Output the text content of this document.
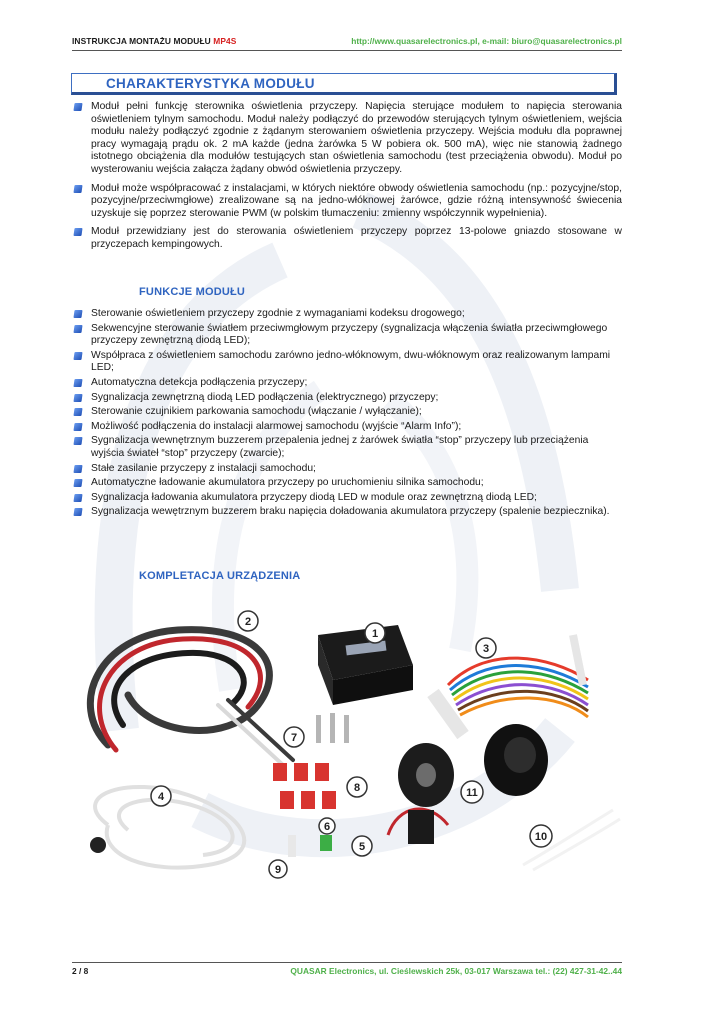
INSTRUKCJA MONTAŻU MODUŁU MP4S	http://www.quasarelectronics.pl, e-mail: biuro@quasarelectronics.pl
CHARAKTERYSTYKA MODUŁU
Moduł pełni funkcję sterownika oświetlenia przyczepy. Napięcia sterujące modułem to napięcia sterowania oświetleniem tylnym samochodu. Moduł należy podłączyć do przewodów sterujących tylnym oświetleniem, wejścia modułu należy podłączyć zgodnie z żądanym sterowaniem oświetlenia przyczepy. Wejścia modułu dla poprawnej pracy wymagają prądu ok. 2 mA każde (jedna żarówka 5 W pobiera ok. 500 mA), więc nie stanowią żadnego istotnego obciążenia dla modułów testujących stan oświetlenia samochodu (test przeciążenia obwodu). Moduł po wysterowaniu wejścia załącza żądany obwód oświetlenia przyczepy.
Moduł może współpracować z instalacjami, w których niektóre obwody oświetlenia samochodu (np.: pozycyjne/stop, pozycyjne/przeciwmgłowe) zrealizowane są na jedno-włóknowej żarówce, gdzie różną intensywność świecenia uzyskuje się poprzez sterowanie PWM (w polskim tłumaczeniu: zmienny współczynnik wypełnienia).
Moduł przewidziany jest do sterowania oświetleniem przyczepy poprzez 13-polowe gniazdo stosowane w przyczepach kempingowych.
FUNKCJE MODUŁU
Sterowanie oświetleniem przyczepy zgodnie z wymaganiami kodeksu drogowego;
Sekwencyjne sterowanie światłem przeciwmgłowym przyczepy (sygnalizacja włączenia światła przeciwmgłowego przyczepy zewnętrzną diodą LED);
Współpraca z oświetleniem samochodu zarówno jedno-włóknowym, dwu-włóknowym oraz realizowanym lampami LED;
Automatyczna detekcja podłączenia przyczepy;
Sygnalizacja zewnętrzną diodą LED podłączenia (elektrycznego) przyczepy;
Sterowanie czujnikiem parkowania samochodu (włączanie / wyłączanie);
Możliwość podłączenia do instalacji alarmowej samochodu (wyjście “Alarm Info”);
Sygnalizacja wewnętrznym buzzerem przepalenia jednej z żarówek światła “stop” przyczepy lub przeciążenia wyjścia świateł “stop” przyczepy (zwarcie);
Stałe zasilanie przyczepy z instalacji samochodu;
Automatyczne ładowanie akumulatora przyczepy po uruchomieniu silnika samochodu;
Sygnalizacja ładowania akumulatora przyczepy diodą LED w module oraz zewnętrzną diodą LED;
Sygnalizacja wewętrznym buzzerem braku napięcia doładowania akumulatora przyczepy (spalenie bezpiecznika).
KOMPLETACJA URZĄDZENIA
1
2
3
4
5
6
7
8
9
10
11
2 / 8	QUASAR Electronics, ul. Cieślewskich 25k, 03-017 Warszawa tel.: (22) 427-31-42..44
